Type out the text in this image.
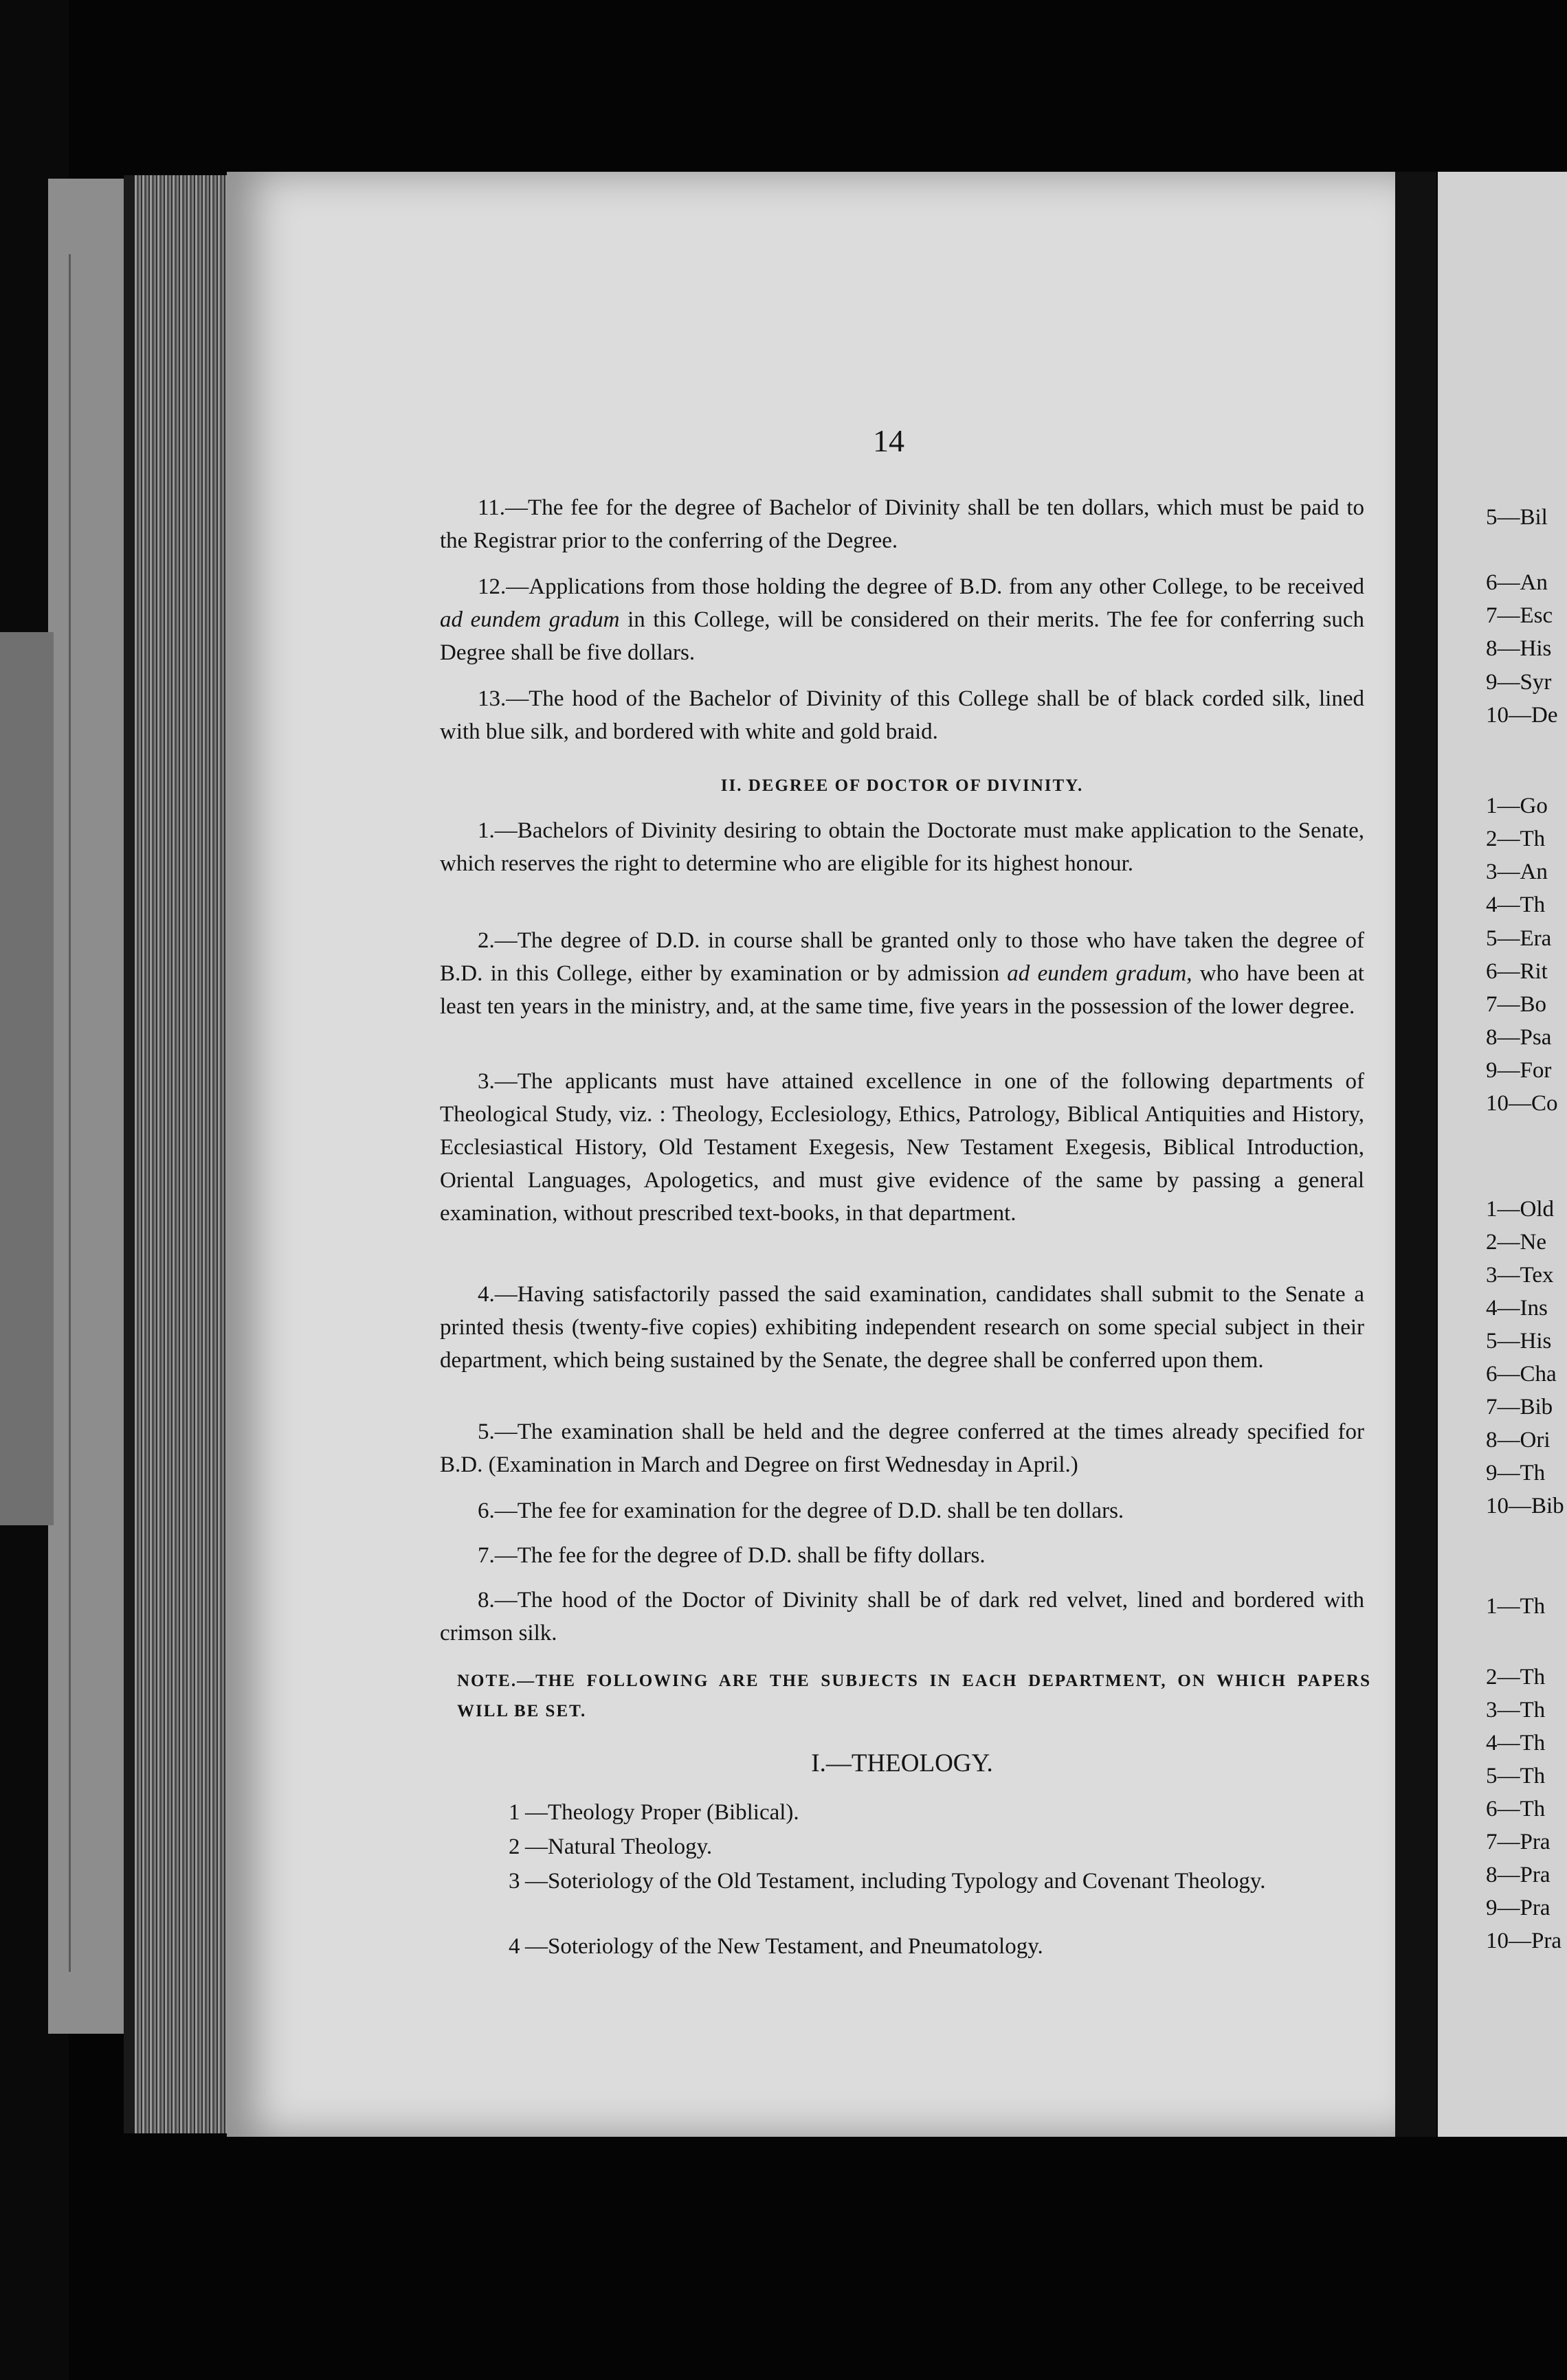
14
11.—The fee for the degree of Bachelor of Divinity shall be ten dollars, which must be paid to the Registrar prior to the conferring of the Degree.
12.—Applications from those holding the degree of B.D. from any other College, to be received ad eundem gradum in this College, will be considered on their merits. The fee for conferring such Degree shall be five dollars.
13.—The hood of the Bachelor of Divinity of this College shall be of black corded silk, lined with blue silk, and bordered with white and gold braid.
II. DEGREE OF DOCTOR OF DIVINITY.
1.—Bachelors of Divinity desiring to obtain the Doctorate must make application to the Senate, which reserves the right to determine who are eligible for its highest honour.
2.—The degree of D.D. in course shall be granted only to those who have taken the degree of B.D. in this College, either by examination or by admission ad eundem gradum, who have been at least ten years in the ministry, and, at the same time, five years in the possession of the lower degree.
3.—The applicants must have attained excellence in one of the following departments of Theological Study, viz. : Theology, Ecclesiology, Ethics, Patrology, Biblical Antiquities and History, Ecclesiastical History, Old Testament Exegesis, New Testament Exegesis, Biblical Introduction, Oriental Languages, Apologetics, and must give evidence of the same by passing a general examination, without prescribed text-books, in that department.
4.—Having satisfactorily passed the said examination, candidates shall submit to the Senate a printed thesis (twenty-five copies) exhibiting independent research on some special subject in their department, which being sustained by the Senate, the degree shall be conferred upon them.
5.—The examination shall be held and the degree conferred at the times already specified for B.D. (Examination in March and Degree on first Wednesday in April.)
6.—The fee for examination for the degree of D.D. shall be ten dollars.
7.—The fee for the degree of D.D. shall be fifty dollars.
8.—The hood of the Doctor of Divinity shall be of dark red velvet, lined and bordered with crimson silk.
NOTE.—THE FOLLOWING ARE THE SUBJECTS IN EACH DEPARTMENT, ON WHICH PAPERS WILL BE SET.
I.—THEOLOGY.
1 —Theology Proper (Biblical).
2 —Natural Theology.
3 —Soteriology of the Old Testament, including Typology and Covenant Theology.
4 —Soteriology of the New Testament, and Pneumatology.
5—Bil
6—An
7—Esc
8—His
9—Syr
10—De
1—Go
2—Th
3—An
4—Th
5—Era
6—Rit
7—Bo
8—Psa
9—For
10—Co
1—Old
2—Ne
3—Tex
4—Ins
5—His
6—Cha
7—Bib
8—Ori
9—Th
10—Bib
1—Th
2—Th
3—Th
4—Th
5—Th
6—Th
7—Pra
8—Pra
9—Pra
10—Pra
